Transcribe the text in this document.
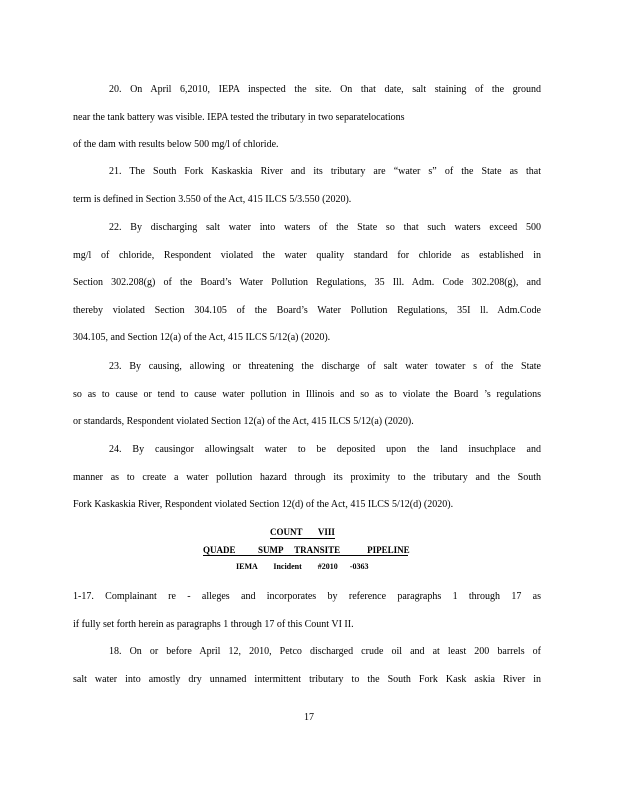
20. On April 6,2010, IEPA inspected the site. On that date, salt staining of the ground
near the tank battery was visible. IEPA tested the tributary in two separatelocations
of the dam with results below 500 mg/l of chloride.
21. The South Fork Kaskaskia River and its tributary are “water s” of the State as that
term is defined in Section 3.550 of the Act, 415 ILCS 5/3.550 (2020).
22. By discharging salt water into waters of the State so that such waters exceed 500
mg/l of chloride, Respondent violated the water quality standard for chloride as established in
Section 302.208(g) of the Board’s Water Pollution Regulations, 35 Ill. Adm. Code 302.208(g), and
thereby violated Section 304.105 of the Board’s Water Pollution Regulations, 35I ll. Adm.Code
304.105, and Section 12(a) of the Act, 415 ILCS 5/12(a) (2020).
23. By causing, allowing or threatening the discharge of salt water towater s of the State
so as to cause or tend to cause water pollution in Illinois and so as to violate the Board ’s regulations
or standards, Respondent violated Section 12(a) of the Act, 415 ILCS 5/12(a) (2020).
24. By causingor allowingsalt water to be deposited upon the land insuchplace and
manner as to create a water pollution hazard through its proximity to the tributary and the South
Fork Kaskaskia River, Respondent violated Section 12(d) of the Act, 415 ILCS 5/12(d) (2020).
COUNT       VIII
QUADE          SUMP     TRANSITE            PIPELINE
IEMA        Incident        #2010      -0363
1-17. Complainant re - alleges and incorporates by reference paragraphs 1 through 17 as
if fully set forth herein as paragraphs 1 through 17 of this Count VI II.
18. On or before April 12, 2010, Petco discharged crude oil and at least 200 barrels of
salt water into amostly dry unnamed intermittent tributary to the South Fork Kask askia River in
17
